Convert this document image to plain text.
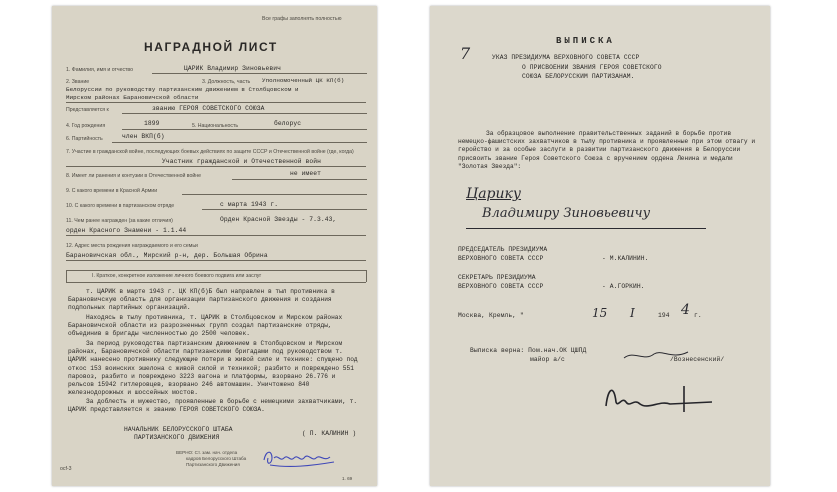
Все графы заполнять полностью
НАГРАДНОЙ ЛИСТ
1. Фамилия, имя и отчество	ЦАРИК Владимир Зиновьевич
2. Звание	3. Должность, часть Уполномоченный ЦК КП(б)
Белоруссии по руководству партизанским движением в Столбцовском и
Мирском районах Барановичской области
Представляется к	званию ГЕРОЯ СОВЕТСКОГО СОЮЗА
4. Год рождения	1899	5. Национальность	белорус
6. Партийность	член ВКП(б)
7. Участие в гражданской войне, последующих боевых действиях по защите СССР и Отечественной войне (где, когда)
Участник гражданской и Отечественной войн
8. Имеет ли ранения и контузии в Отечественной войне	не имеет
9. С какого времени в Красной Армии
10. С какого времени в партизанском отряде	с марта 1943 г.
11. Чем ранее награжден (за какие отличия)	Орден Красной Звезды - 7.3.43,
орден Красного Знамени - 1.1.44
12. Адрес места рождения награждаемого и его семьи
Барановичская обл., Мирский р-н, дер. Большая Обрина
I. Краткое, конкретное изложение личного боевого подвига или заслуг
т. ЦАРИК в марте 1943 г. ЦК КП(б)Б был направлен в тыл противника в Барановичскую область для организации партизанского движения и создания подпольных партийных организаций.
Находясь в тылу противника, т. ЦАРИК в Столбцовском и Мирском районах Барановичской области из разрозненных групп создал партизанские отряды, объединив в бригады численностью до 2500 человек.
За период руководства партизанским движением в Столбцовском и Мирском районах, Барановичской области партизанскими бригадами под руководством т. ЦАРИК нанесено противнику следующие потери в живой силе и технике: спущено под откос 153 воинских эшелона с живой силой и техникой; разбито и повреждено 551 паровоз, разбито и повреждено 3223 вагона и платформы, взорвано 26.776 и рельсов 15942 гитлеровцев, взорвано 246 автомашин. Уничтожено 840 железнодорожных и шоссейных мостов.
За доблесть и мужество, проявленные в борьбе с немецкими захватчиками, т. ЦАРИК представляется к званию ГЕРОЯ СОВЕТСКОГО СОЮЗА.
НАЧАЛЬНИК БЕЛОРУССКОГО ШТАБА
ПАРТИЗАНСКОГО ДВИЖЕНИЯ
( П. КАЛИНИН )
ВЕРНО: Ст. зам. нач. отдела
кадров Белорусского Штаба
Партизанского Движения
ocf-3
1. 69
ВЫПИСКА
7	УКАЗ ПРЕЗИДИУМА ВЕРХОВНОГО СОВЕТА СССР
О ПРИСВОЕНИИ ЗВАНИЯ ГЕРОЯ СОВЕТСКОГО
СОЮЗА БЕЛОРУССКИМ ПАРТИЗАНАМ.
За образцовое выполнение правительственных заданий в борьбе против немецко-фашистских захватчиков в тылу противника и проявленные при этом отвагу и геройство и за особые заслуги в развитии партизанского движения в Белоруссии присвоить звание Героя Советского Союза с вручением ордена Ленина и медали "Золотая Звезда":
Царику
Владимиру Зиновьевичу
ПРЕДСЕДАТЕЛЬ ПРЕЗИДИУМА
ВЕРХОВНОГО СОВЕТА СССР	- М.КАЛИНИН.
СЕКРЕТАРЬ ПРЕЗИДИУМА
ВЕРХОВНОГО СОВЕТА СССР	- А.ГОРКИН.
Москва, Кремль, "	15 I	194 4 г.
Выписка верна: Пом.нач.ОК ЦШПД
майор а/с	/Вознесенский/
